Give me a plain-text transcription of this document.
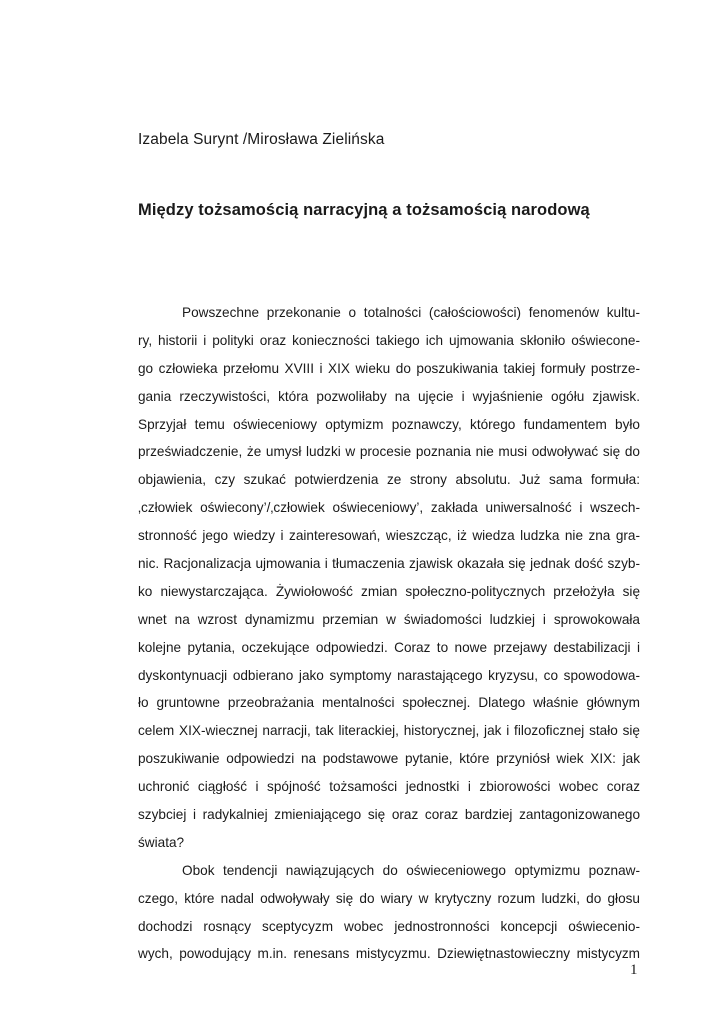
Izabela Surynt /Mirosława Zielińska

Między tożsamością narracyjną a tożsamością narodową
Powszechne przekonanie o totalności (całościowości) fenomenów kultu-
ry, historii i polityki oraz konieczności takiego ich ujmowania skłoniło oświecone-
go człowieka przełomu XVIII i XIX wieku do poszukiwania takiej formuły postrze-
gania rzeczywistości, która pozwoliłaby na ujęcie i wyjaśnienie ogółu zjawisk.
Sprzyjał temu oświeceniowy optymizm poznawczy, którego fundamentem było
przeświadczenie, że umysł ludzki w procesie poznania nie musi odwoływać się do
objawienia, czy szukać potwierdzenia ze strony absolutu. Już sama formuła:
‚człowiek oświecony’/‚człowiek oświeceniowy’, zakłada uniwersalność i wszech-
stronność jego wiedzy i zainteresowań, wieszcząc, iż wiedza ludzka nie zna gra-
nic. Racjonalizacja ujmowania i tłumaczenia zjawisk okazała się jednak dość szyb-
ko niewystarczająca. Żywiołowość zmian społeczno-politycznych przełożyła się
wnet na wzrost dynamizmu przemian w świadomości ludzkiej i sprowokowała
kolejne pytania, oczekujące odpowiedzi. Coraz to nowe przejawy destabilizacji i
dyskontynuacji odbierano jako symptomy narastającego kryzysu, co spowodowa-
ło gruntowne przeobrażania mentalności społecznej. Dlatego właśnie głównym
celem XIX-wiecznej narracji, tak literackiej, historycznej, jak i filozoficznej stało się
poszukiwanie odpowiedzi na podstawowe pytanie, które przyniósł wiek XIX: jak
uchronić ciągłość i spójność tożsamości jednostki i zbiorowości wobec coraz
szybciej i radykalniej zmieniającego się oraz coraz bardziej zantagonizowanego
świata?
Obok tendencji nawiązujących do oświeceniowego optymizmu poznaw-
czego, które nadal odwoływały się do wiary w krytyczny rozum ludzki, do głosu
dochodzi rosnący sceptycyzm wobec jednostronności koncepcji oświecenio-
wych, powodujący m.in. renesans mistycyzmu. Dziewiętnastowieczny mistycyzm
1
